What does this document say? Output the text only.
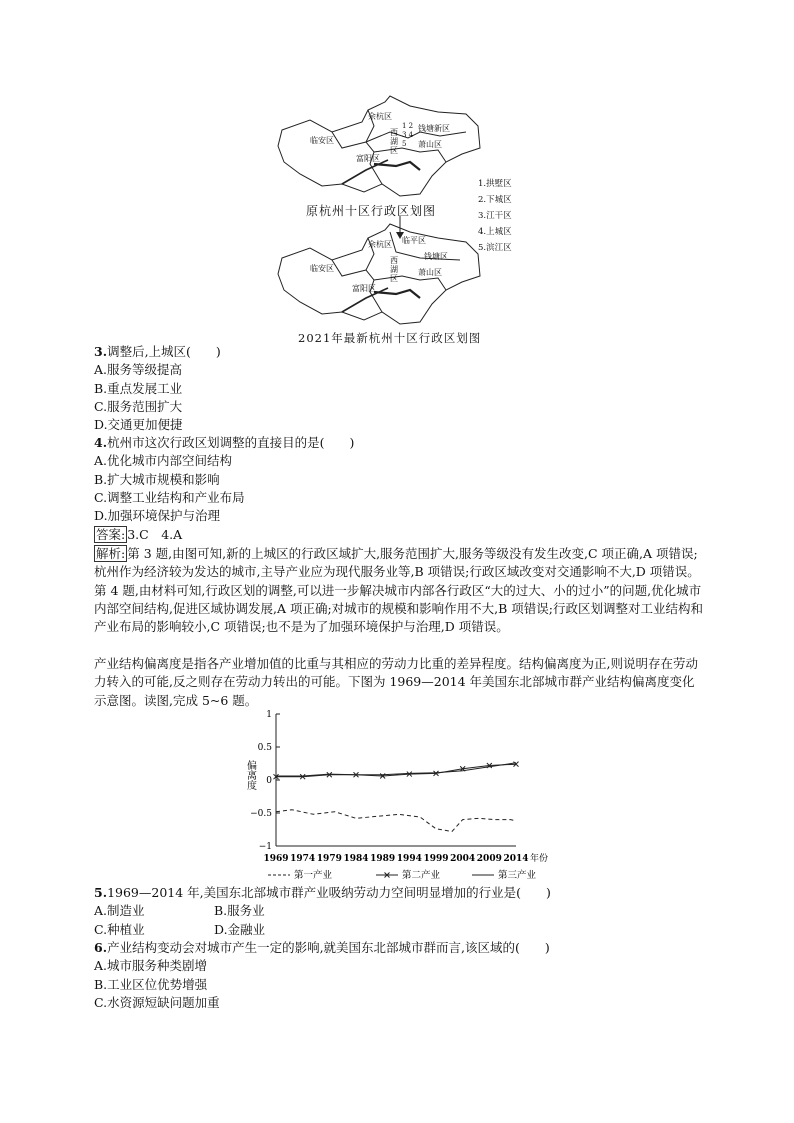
余杭区
临安区
富阳区
萧山区
钱塘新区
西湖区
1 2 3 4 5
原杭州十区行政区划图
1.拱墅区
2.下城区
3.江干区
4.上城区
5.滨江区
余杭区 临平区
临安区
富阳区
萧山区
钱塘区
西湖区
2021年最新杭州十区行政区划图
3.调整后,上城区(　　)
A.服务等级提高
B.重点发展工业
C.服务范围扩大
D.交通更加便捷
4.杭州市这次行政区划调整的直接目的是(　　)
A.优化城市内部空间结构
B.扩大城市规模和影响
C.调整工业结构和产业布局
D.加强环境保护与治理
答案: 3.C　4.A
解析: 第 3 题,由图可知,新的上城区的行政区域扩大,服务范围扩大,服务等级没有发生改变,C 项正确,A 项错误;杭州作为经济较为发达的城市,主导产业应为现代服务业等,B 项错误;行政区域改变对交通影响不大,D 项错误。第 4 题,由材料可知,行政区划的调整,可以进一步解决城市内部各行政区“大的过大、小的过小”的问题,优化城市内部空间结构,促进区域协调发展,A 项正确;对城市的规模和影响作用不大,B 项错误;行政区划调整对工业结构和产业布局的影响较小,C 项错误;也不是为了加强环境保护与治理,D 项错误。
产业结构偏离度是指各产业增加值的比重与其相应的劳动力比重的差异程度。结构偏离度为正,则说明存在劳动力转入的可能,反之则存在劳动力转出的可能。下图为 1969—2014 年美国东北部城市群产业结构偏离度变化示意图。读图,完成 5~6 题。
−1
−0.5
0
0.5
1
偏离度
1969 1974 1979 1984 1989 1994 1999 2004 2009 2014 年份
第一产业	第二产业	第三产业
5.1969—2014 年,美国东北部城市群产业吸纳劳动力空间明显增加的行业是(　　)
A.制造业	B.服务业
C.种植业	D.金融业
6.产业结构变动会对城市产生一定的影响,就美国东北部城市群而言,该区域的(　　)
A.城市服务种类剧增
B.工业区位优势增强
C.水资源短缺问题加重
